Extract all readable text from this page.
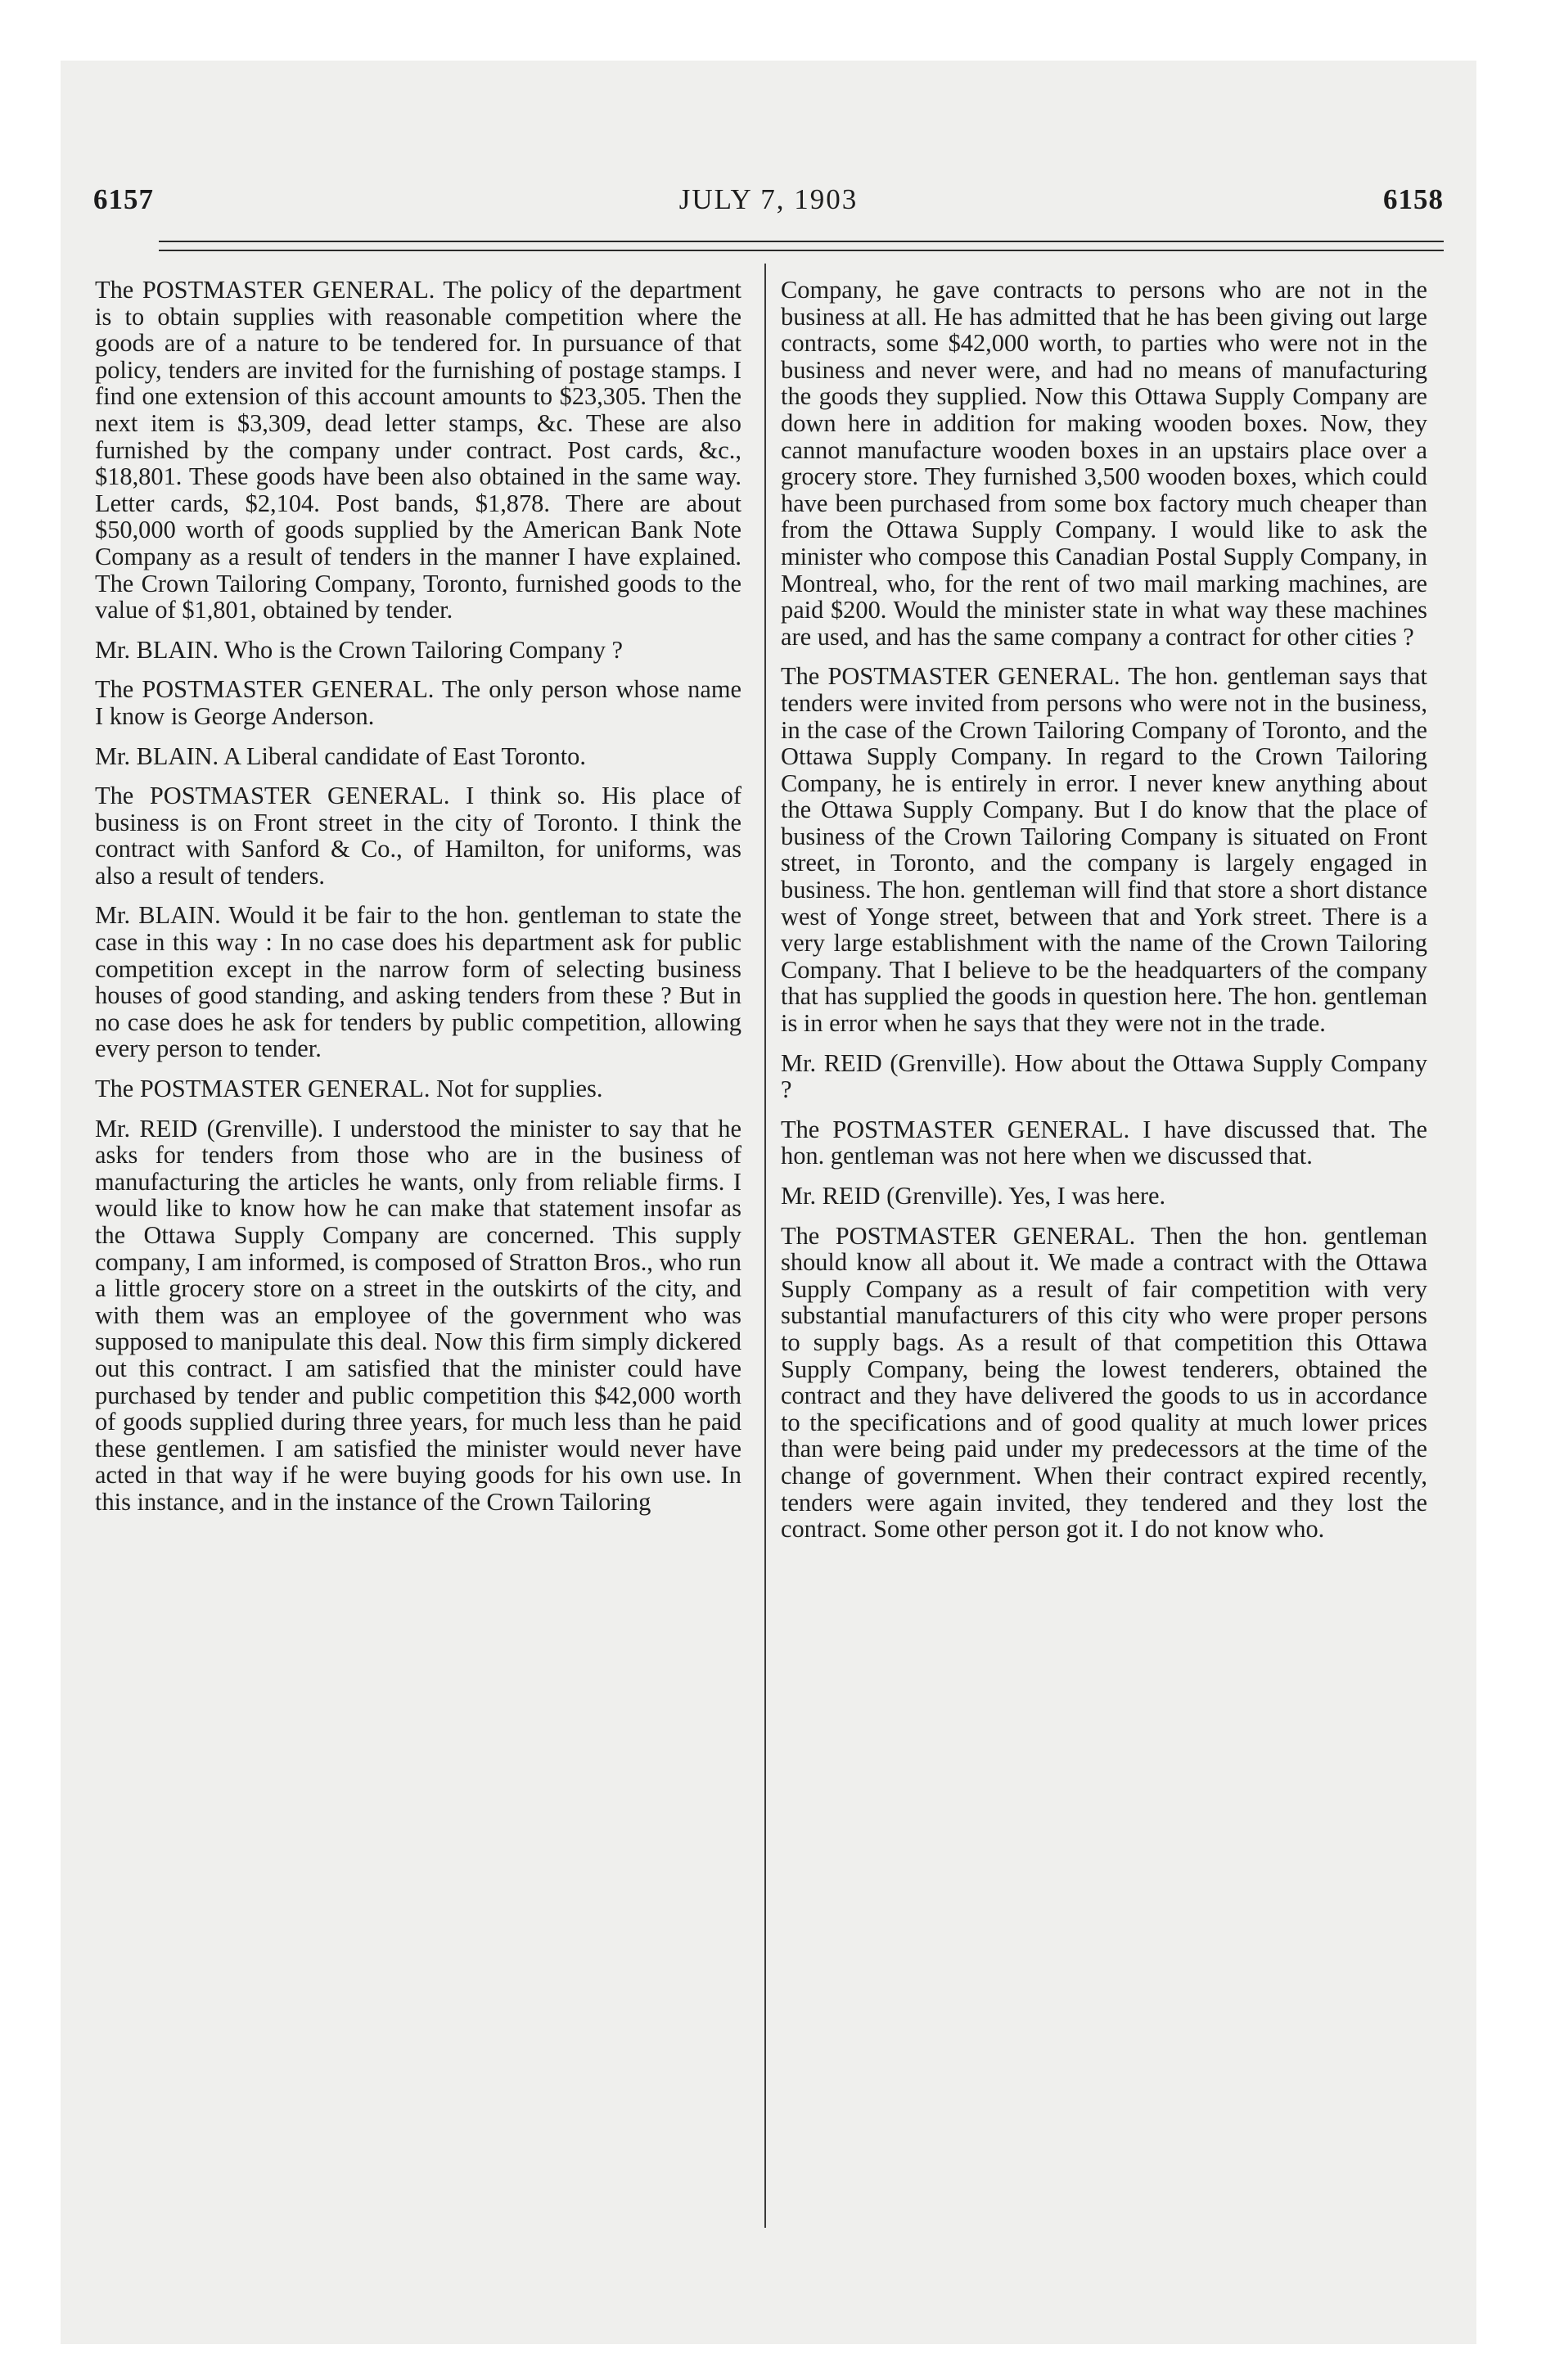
6157	JULY 7, 1903	6158

The POSTMASTER GENERAL. The policy of the department is to obtain supplies with reasonable competition where the goods are of a nature to be tendered for. In pursuance of that policy, tenders are invited for the furnishing of postage stamps. I find one extension of this account amounts to $23,305. Then the next item is $3,309, dead letter stamps, &c. These are also furnished by the company under contract. Post cards, &c., $18,801. These goods have been also obtained in the same way. Letter cards, $2,104. Post bands, $1,878. There are about $50,000 worth of goods supplied by the American Bank Note Company as a result of tenders in the manner I have explained. The Crown Tailoring Company, Toronto, furnished goods to the value of $1,801, obtained by tender.

Mr. BLAIN. Who is the Crown Tailoring Company ?

The POSTMASTER GENERAL. The only person whose name I know is George Anderson.

Mr. BLAIN. A Liberal candidate of East Toronto.

The POSTMASTER GENERAL. I think so. His place of business is on Front street in the city of Toronto. I think the contract with Sanford & Co., of Hamilton, for uniforms, was also a result of tenders.

Mr. BLAIN. Would it be fair to the hon. gentleman to state the case in this way : In no case does his department ask for public competition except in the narrow form of selecting business houses of good standing, and asking tenders from these ? But in no case does he ask for tenders by public competition, allowing every person to tender.

The POSTMASTER GENERAL. Not for supplies.

Mr. REID (Grenville). I understood the minister to say that he asks for tenders from those who are in the business of manufacturing the articles he wants, only from reliable firms. I would like to know how he can make that statement insofar as the Ottawa Supply Company are concerned. This supply company, I am informed, is composed of Stratton Bros., who run a little grocery store on a street in the outskirts of the city, and with them was an employee of the government who was supposed to manipulate this deal. Now this firm simply dickered out this contract. I am satisfied that the minister could have purchased by tender and public competition this $42,000 worth of goods supplied during three years, for much less than he paid these gentlemen. I am satisfied the minister would never have acted in that way if he were buying goods for his own use. In this instance, and in the instance of the Crown Tailoring

Company, he gave contracts to persons who are not in the business at all. He has admitted that he has been giving out large contracts, some $42,000 worth, to parties who were not in the business and never were, and had no means of manufacturing the goods they supplied. Now this Ottawa Supply Company are down here in addition for making wooden boxes. Now, they cannot manufacture wooden boxes in an upstairs place over a grocery store. They furnished 3,500 wooden boxes, which could have been purchased from some box factory much cheaper than from the Ottawa Supply Company. I would like to ask the minister who compose this Canadian Postal Supply Company, in Montreal, who, for the rent of two mail marking machines, are paid $200. Would the minister state in what way these machines are used, and has the same company a contract for other cities ?

The POSTMASTER GENERAL. The hon. gentleman says that tenders were invited from persons who were not in the business, in the case of the Crown Tailoring Company of Toronto, and the Ottawa Supply Company. In regard to the Crown Tailoring Company, he is entirely in error. I never knew anything about the Ottawa Supply Company. But I do know that the place of business of the Crown Tailoring Company is situated on Front street, in Toronto, and the company is largely engaged in business. The hon. gentleman will find that store a short distance west of Yonge street, between that and York street. There is a very large establishment with the name of the Crown Tailoring Company. That I believe to be the headquarters of the company that has supplied the goods in question here. The hon. gentleman is in error when he says that they were not in the trade.

Mr. REID (Grenville). How about the Ottawa Supply Company ?

The POSTMASTER GENERAL. I have discussed that. The hon. gentleman was not here when we discussed that.

Mr. REID (Grenville). Yes, I was here.

The POSTMASTER GENERAL. Then the hon. gentleman should know all about it. We made a contract with the Ottawa Supply Company as a result of fair competition with very substantial manufacturers of this city who were proper persons to supply bags. As a result of that competition this Ottawa Supply Company, being the lowest tenderers, obtained the contract and they have delivered the goods to us in accordance to the specifications and of good quality at much lower prices than were being paid under my predecessors at the time of the change of government. When their contract expired recently, tenders were again invited, they tendered and they lost the contract. Some other person got it. I do not know who.
